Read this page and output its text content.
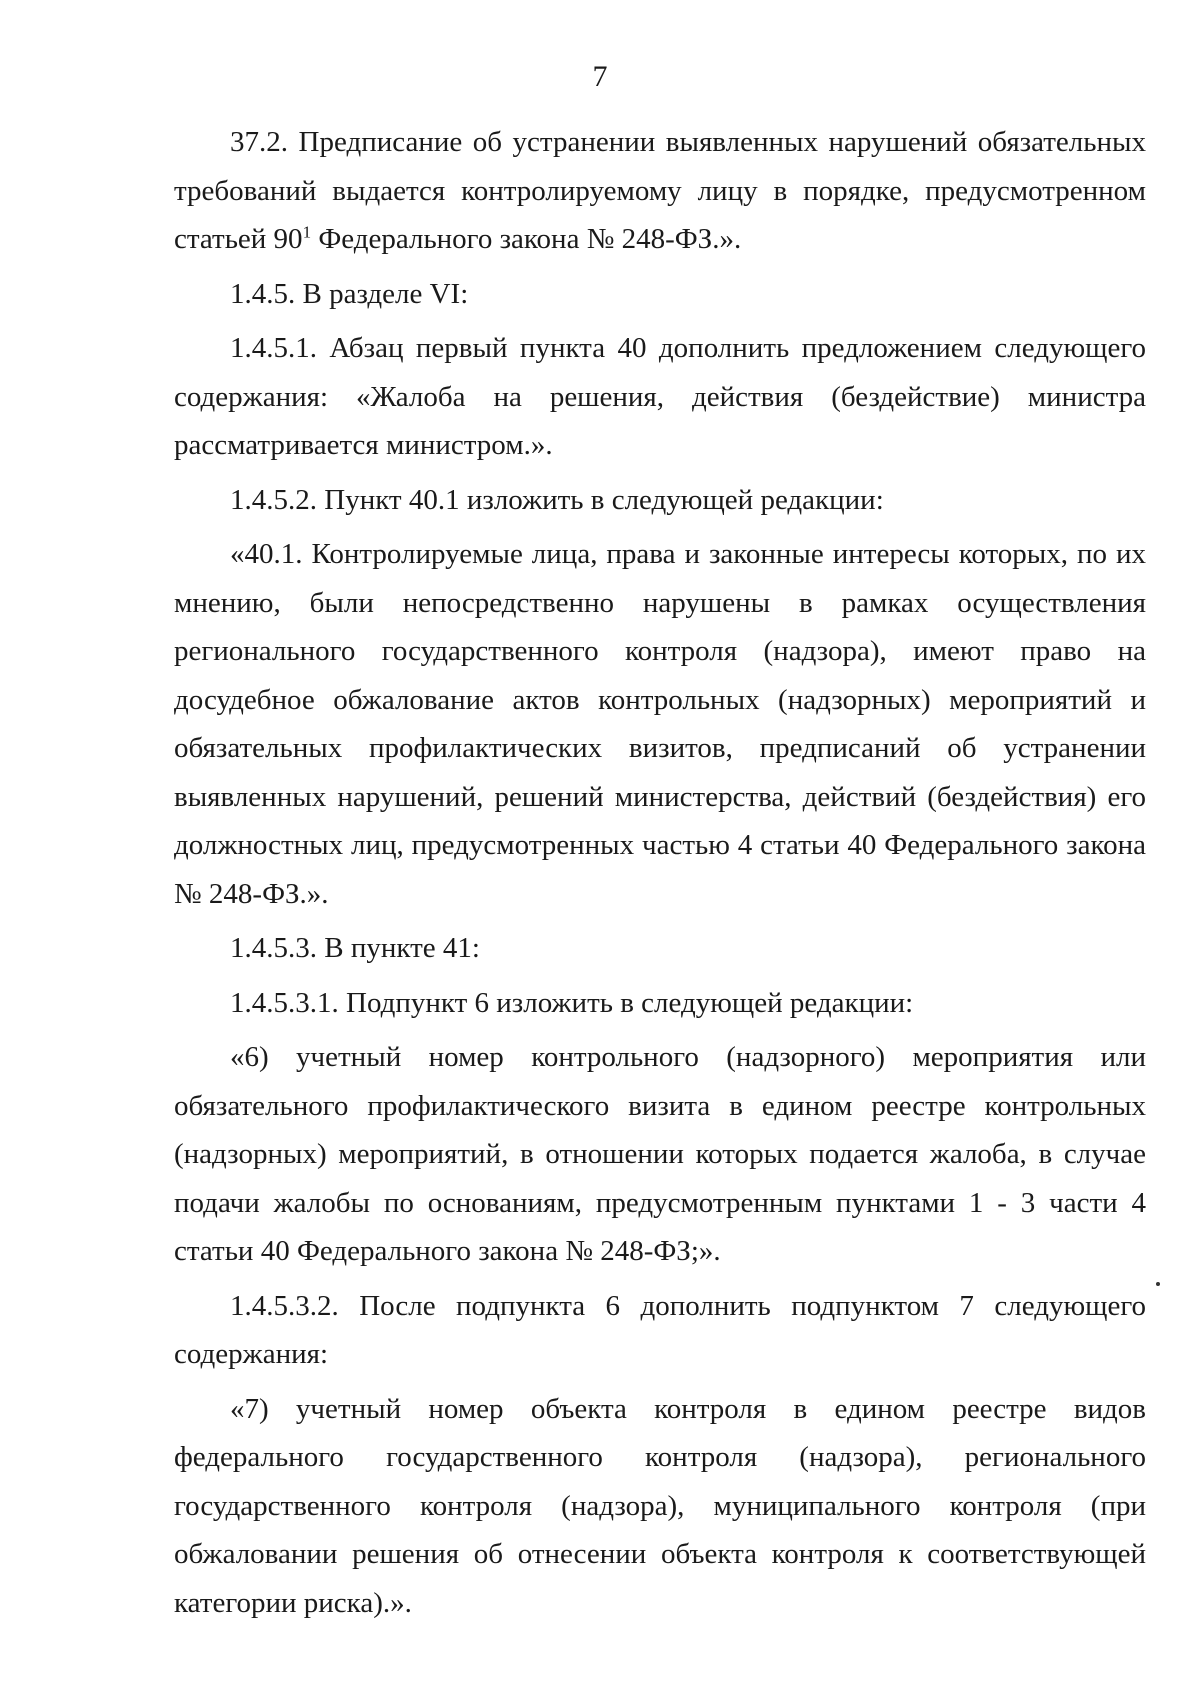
7

37.2. Предписание об устранении выявленных нарушений обязательных требований выдается контролируемому лицу в порядке, предусмотренном статьей $90^1$ Федерального закона № 248-ФЗ.».

1.4.5. В разделе VI:

1.4.5.1. Абзац первый пункта 40 дополнить предложением следующего содержания: «Жалоба на решения, действия (бездействие) министра рассматривается министром.».

1.4.5.2. Пункт 40.1 изложить в следующей редакции:

«40.1. Контролируемые лица, права и законные интересы которых, по их мнению, были непосредственно нарушены в рамках осуществления регионального государственного контроля (надзора), имеют право на досудебное обжалование актов контрольных (надзорных) мероприятий и обязательных профилактических визитов, предписаний об устранении выявленных нарушений, решений министерства, действий (бездействия) его должностных лиц, предусмотренных частью 4 статьи 40 Федерального закона № 248-ФЗ.».

1.4.5.3. В пункте 41:

1.4.5.3.1. Подпункт 6 изложить в следующей редакции:

«6) учетный номер контрольного (надзорного) мероприятия или обязательного профилактического визита в едином реестре контрольных (надзорных) мероприятий, в отношении которых подается жалоба, в случае подачи жалобы по основаниям, предусмотренным пунктами 1 - 3 части 4 статьи 40 Федерального закона № 248-ФЗ;».

1.4.5.3.2. После подпункта 6 дополнить подпунктом 7 следующего содержания:

«7) учетный номер объекта контроля в едином реестре видов федерального государственного контроля (надзора), регионального государственного контроля (надзора), муниципального контроля (при обжаловании решения об отнесении объекта контроля к соответствующей категории риска).».
